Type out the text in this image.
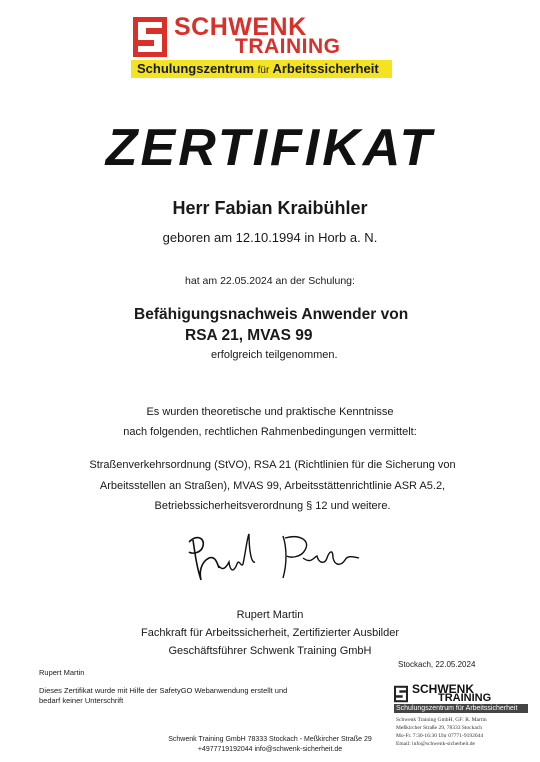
SCHWENK
TRAINING
Schulungszentrum für Arbeitssicherheit
ZERTIFIKAT
Herr Fabian Kraibühler
geboren am 12.10.1994 in Horb a. N.
hat am 22.05.2024 an der Schulung:
Befähigungsnachweis Anwender von
RSA 21, MVAS 99
erfolgreich teilgenommen.
Es wurden theoretische und praktische Kenntnisse
nach folgenden, rechtlichen Rahmenbedingungen vermittelt:
Straßenverkehrsordnung (StVO), RSA 21 (Richtlinien für die Sicherung von Arbeitsstellen an Straßen), MVAS 99, Arbeitsstättenrichtlinie ASR A5.2, Betriebssicherheitsverordnung § 12 und weitere.
Rupert Martin
Fachkraft für Arbeitssicherheit, Zertifizierter Ausbilder
Geschäftsführer Schwenk Training GmbH
Rupert Martin
Dieses Zertifikat wurde mit Hilfe der SafetyGO Webanwendung erstellt und bedarf keiner Unterschrift
Stockach, 22.05.2024
SCHWENK
TRAINING
Schulungszentrum für Arbeitssicherheit
Schwenk Training GmbH, GF: R. Martin
Meßkircher Straße 29, 78333 Stockach
Mo-Fr. 7:30-16:30 Uhr 07771-9192044
Email: info@schwenk-sicherheit.de
Schwenk Training GmbH 78333 Stockach - Meßkircher Straße 29
+4977719192044 info@schwenk-sicherheit.de
